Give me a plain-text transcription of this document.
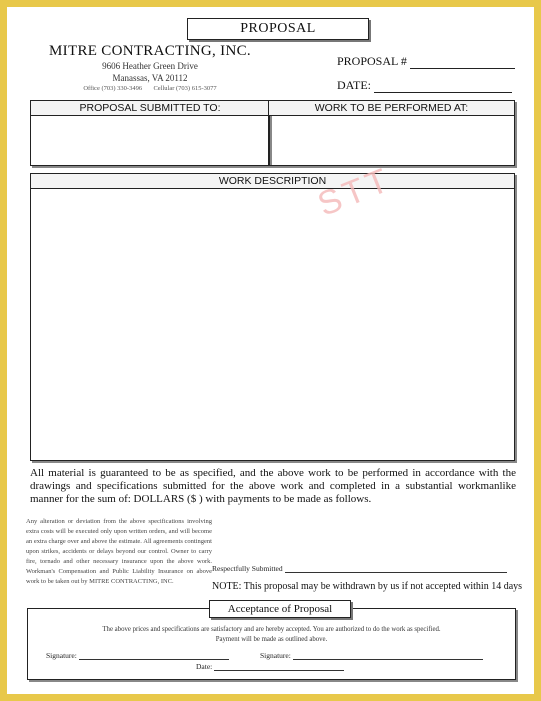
PROPOSAL
MITRE CONTRACTING, INC.
9606 Heather Green Drive
Manassas, VA 20112
Office (703) 330-3496 Cellular (703) 615-3077
PROPOSAL #
DATE:
PROPOSAL SUBMITTED TO:	WORK TO BE PERFORMED AT:
WORK DESCRIPTION
STT
All material is guaranteed to be as specified, and the above work to be performed in accordance with the drawings and specifications submitted for the above work and completed in a substantial workmanlike manner for the sum of: DOLLARS ($ ) with payments to be made as follows.
Any alteration or deviation from the above specifications involving extra costs will be executed only upon written orders, and will become an extra charge over and above the estimate. All agreements contingent upon strikes, accidents or delays beyond our control. Owner to carry fire, tornado and other necessary insurance upon the above work. Workman's Compensation and Public Liability Insurance on above work to be taken out by MITRE CONTRACTING, INC.
Respectfully Submitted
NOTE: This proposal may be withdrawn by us if not accepted within 14 days
Acceptance of Proposal
The above prices and specifications are satisfactory and are hereby accepted. You are authorized to do the work as specified.
Payment will be made as outlined above.
Signature:	Signature:
Date:
